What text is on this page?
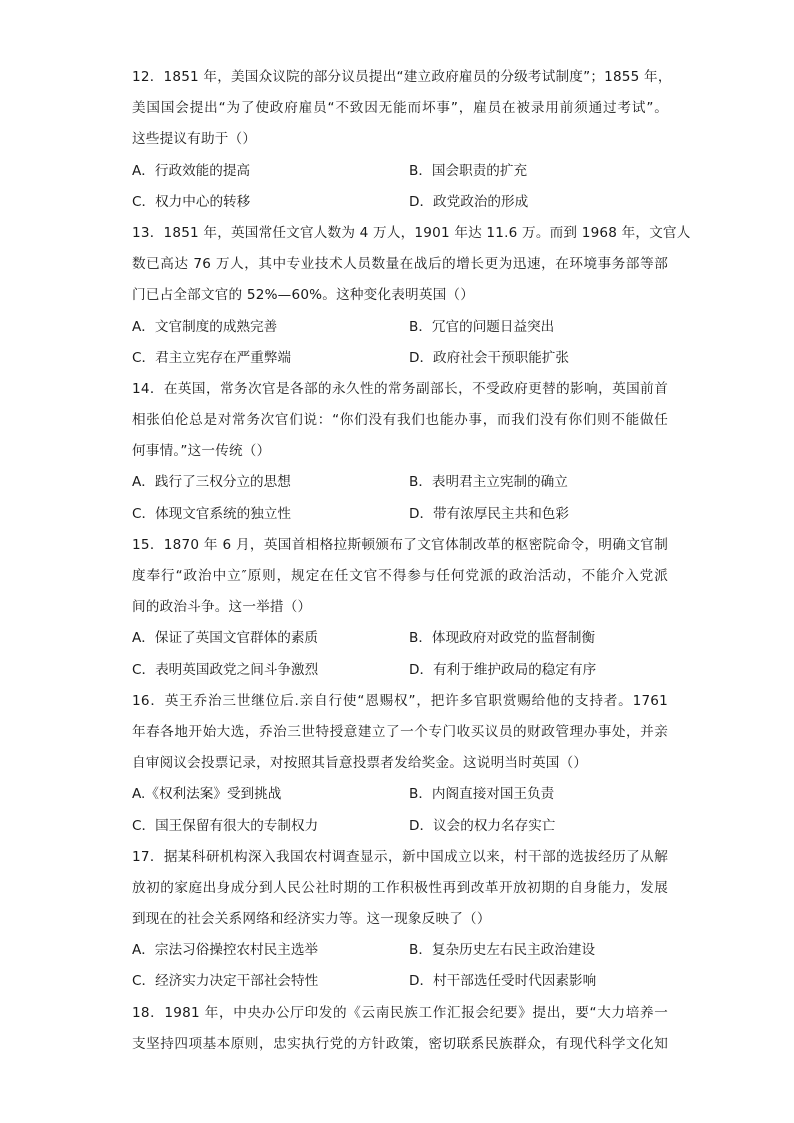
12．1851 年，美国众议院的部分议员提出“建立政府雇员的分级考试制度”；1855 年，
美国国会提出“为了使政府雇员“不致因无能而坏事”，雇员在被录用前须通过考试”。
这些提议有助于（）
A．行政效能的提高	B．国会职责的扩充
C．权力中心的转移	D．政党政治的形成
13．1851 年，英国常任文官人数为 4 万人，1901 年达 11.6 万。而到 1968 年，文官人
数已高达 76 万人，其中专业技术人员数量在战后的增长更为迅速，在环境事务部等部
门已占全部文官的 52%—60%。这种变化表明英国（）
A．文官制度的成熟完善	B．冗官的问题日益突出
C．君主立宪存在严重弊端	D．政府社会干预职能扩张
14．在英国，常务次官是各部的永久性的常务副部长，不受政府更替的影响，英国前首
相张伯伦总是对常务次官们说：“你们没有我们也能办事，而我们没有你们则不能做任
何事情。”这一传统（）
A．践行了三权分立的思想	B．表明君主立宪制的确立
C．体现文官系统的独立性	D．带有浓厚民主共和色彩
15．1870 年 6 月，英国首相格拉斯顿颁布了文官体制改革的枢密院命令，明确文官制
度奉行“政治中立″原则，规定在任文官不得参与任何党派的政治活动，不能介入党派
间的政治斗争。这一举措（）
A．保证了英国文官群体的素质	B．体现政府对政党的监督制衡
C．表明英国政党之间斗争激烈	D．有利于维护政局的稳定有序
16．英王乔治三世继位后.亲自行使“恩赐权”，把许多官职赏赐给他的支持者。1761
年春各地开始大选，乔治三世特授意建立了一个专门收买议员的财政管理办事处，并亲
自审阅议会投票记录，对按照其旨意投票者发给奖金。这说明当时英国（）
A.《权利法案》受到挑战	B．内阁直接对国王负责
C．国王保留有很大的专制权力	D．议会的权力名存实亡
17．据某科研机构深入我国农村调查显示，新中国成立以来，村干部的选拔经历了从解
放初的家庭出身成分到人民公社时期的工作积极性再到改革开放初期的自身能力，发展
到现在的社会关系网络和经济实力等。这一现象反映了（）
A．宗法习俗操控农村民主选举	B．复杂历史左右民主政治建设
C．经济实力决定干部社会特性	D．村干部选任受时代因素影响
18．1981 年，中央办公厅印发的《云南民族工作汇报会纪要》提出，要“大力培养一
支坚持四项基本原则，忠实执行党的方针政策，密切联系民族群众，有现代科学文化知
